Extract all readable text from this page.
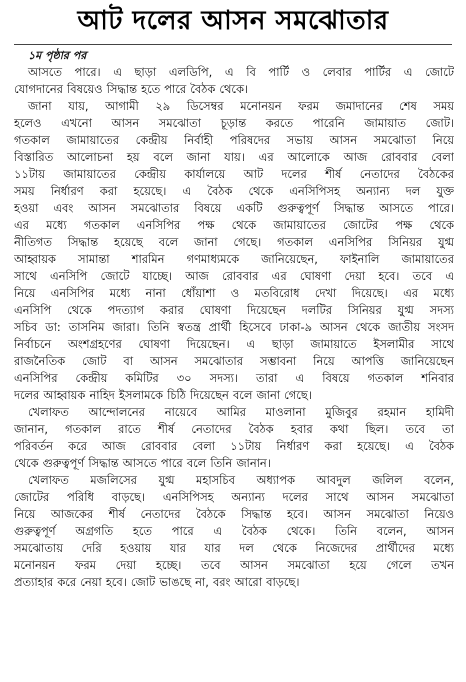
আট দলের আসন সমঝোতার
১ম পৃষ্ঠার পর
আসতে পারে। এ ছাড়া এলডিপি, এ বি পার্টি ও লেবার পার্টির এ জোটে
যোগদানের বিষয়েও সিদ্ধান্ত হতে পারে বৈঠক থেকে।
জানা যায়, আগামী ২৯ ডিসেম্বর মনোনয়ন ফরম জমাদানের শেষ সময়
হলেও এখনো আসন সমঝোতা চূড়ান্ত করতে পারেনি জামায়াত জোট।
গতকাল জামায়াতের কেন্দ্রীয় নির্বাহী পরিষদের সভায় আসন সমঝোতা নিয়ে
বিস্তারিত আলোচনা হয় বলে জানা যায়। এর আলোকে আজ রোববার বেলা
১১টায় জামায়াতের কেন্দ্রীয় কার্যালয়ে আট দলের শীর্ষ নেতাদের বৈঠকের
সময় নির্ধারণ করা হয়েছে। এ বৈঠক থেকে এনসিপিসহ অন্যান্য দল যুক্ত
হওয়া এবং আসন সমঝোতার বিষয়ে একটি গুরুত্বপূর্ণ সিদ্ধান্ত আসতে পারে।
এর মধ্যে গতকাল এনসিপির পক্ষ থেকে জামায়াতের জোটের পক্ষ থেকে
নীতিগত সিদ্ধান্ত হয়েছে বলে জানা গেছে। গতকাল এনসিপির সিনিয়র যুগ্ম
আহ্বায়ক সামান্তা শারমিন গণমাধ্যমকে জানিয়েছেন, ফাইনালি জামায়াতের
সাথে এনসিপি জোটে যাচ্ছে। আজ রোববার এর ঘোষণা দেয়া হবে। তবে এ
নিয়ে এনসিপির মধ্যে নানা ধোঁয়াশা ও মতবিরোধ দেখা দিয়েছে। এর মধ্যে
এনসিপি থেকে পদত্যাগ করার ঘোষণা দিয়েছেন দলটির সিনিয়র যুগ্ম সদস্য
সচিব ডা: তাসনিম জারা। তিনি স্বতন্ত্র প্রার্থী হিসেবে ঢাকা-৯ আসন থেকে জাতীয় সংসদ
নির্বাচনে অংশগ্রহণের ঘোষণা দিয়েছেন। এ ছাড়া জামায়াতে ইসলামীর সাথে
রাজনৈতিক জোট বা আসন সমঝোতার সম্ভাবনা নিয়ে আপত্তি জানিয়েছেন
এনসিপির কেন্দ্রীয় কমিটির ৩০ সদস্য। তারা এ বিষয়ে গতকাল শনিবার
দলের আহ্বায়ক নাহিদ ইসলামকে চিঠি দিয়েছেন বলে জানা গেছে।
খেলাফত আন্দোলনের নায়েবে আমির মাওলানা মুজিবুর রহমান হামিদী
জানান, গতকাল রাতে শীর্ষ নেতাদের বৈঠক হবার কথা ছিল। তবে তা
পরিবর্তন করে আজ রোববার বেলা ১১টায় নির্ধারণ করা হয়েছে। এ বৈঠক
থেকে গুরুত্বপূর্ণ সিদ্ধান্ত আসতে পারে বলে তিনি জানান।
খেলাফত মজলিসের যুগ্ম মহাসচিব অধ্যাপক আবদুল জলিল বলেন,
জোটের পরিধি বাড়ছে। এনসিপিসহ অন্যান্য দলের সাথে আসন সমঝোতা
নিয়ে আজকের শীর্ষ নেতাদের বৈঠকে সিদ্ধান্ত হবে। আসন সমঝোতা নিয়েও
গুরুত্বপূর্ণ অগ্রগতি হতে পারে এ বৈঠক থেকে। তিনি বলেন, আসন
সমঝোতায় দেরি হওয়ায় যার যার দল থেকে নিজেদের প্রার্থীদের মধ্যে
মনোনয়ন ফরম দেয়া হচ্ছে। তবে আসন সমঝোতা হয়ে গেলে তখন
প্রত্যাহার করে নেয়া হবে। জোট ভাঙছে না, বরং আরো বাড়ছে।
